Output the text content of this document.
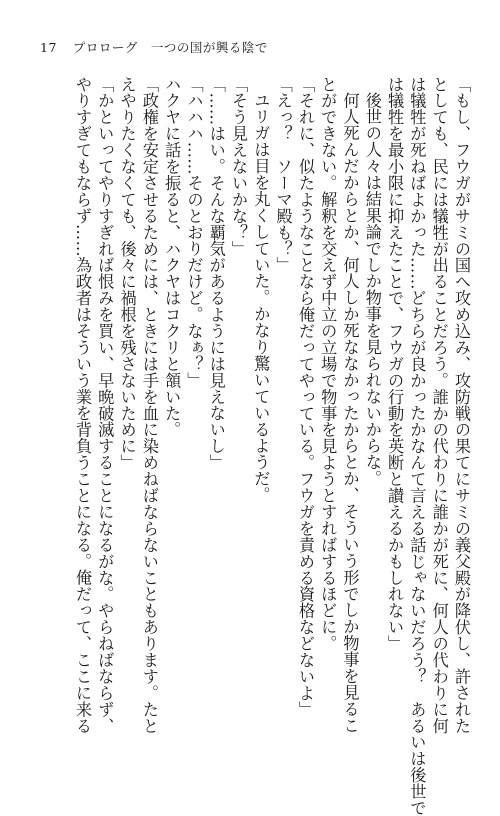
17 プロローグ　一つの国が興る陰で

「もし、フウガがサミの国へ攻め込み、攻防戦の果てにサミの義父殿が降伏し、許された

としても、民には犠牲が出ることだろう。誰かの代わりに誰かが死に、何人の代わりに何

は犠牲が死ねばよかった……どちらが良かったかなんて言える話じゃないだろう？　あるいは後世で

は犠牲を最小限に抑えたことで、フウガの行動を英断と讃えるかもしれない」

後世の人々は結果論でしか物事を見られないからな。

何人死んだからとか、何人しか死ななかったからとか、そういう形でしか物事を見るこ

とができない。解釈を交えず中立の立場で物事を見ようとすればするほどに。

「それに、似たようなことなら俺だってやっている。フウガを責める資格などないよ」

「えっ？　ソーマ殿も？」

ユリガは目を丸くしていた。かなり驚いているようだ。

「そう見えないかな？」

「……はい。そんな覇気があるようには見えないし」

「ハハハ……そのとおりだけど。なぁ？」

ハクヤに話を振ると、ハクヤはコクリと頷いた。

「政権を安定させるためには、ときには手を血に染めねばならないこともあります。たと

えやりたくなくても、後々に禍根を残さないために」

「かといってやりすぎれば恨みを買い、早晩破滅することになるがな。やらねばならず、

やりすぎてもならず……為政者はそういう業を背負うことになる。俺だって、ここに来る
